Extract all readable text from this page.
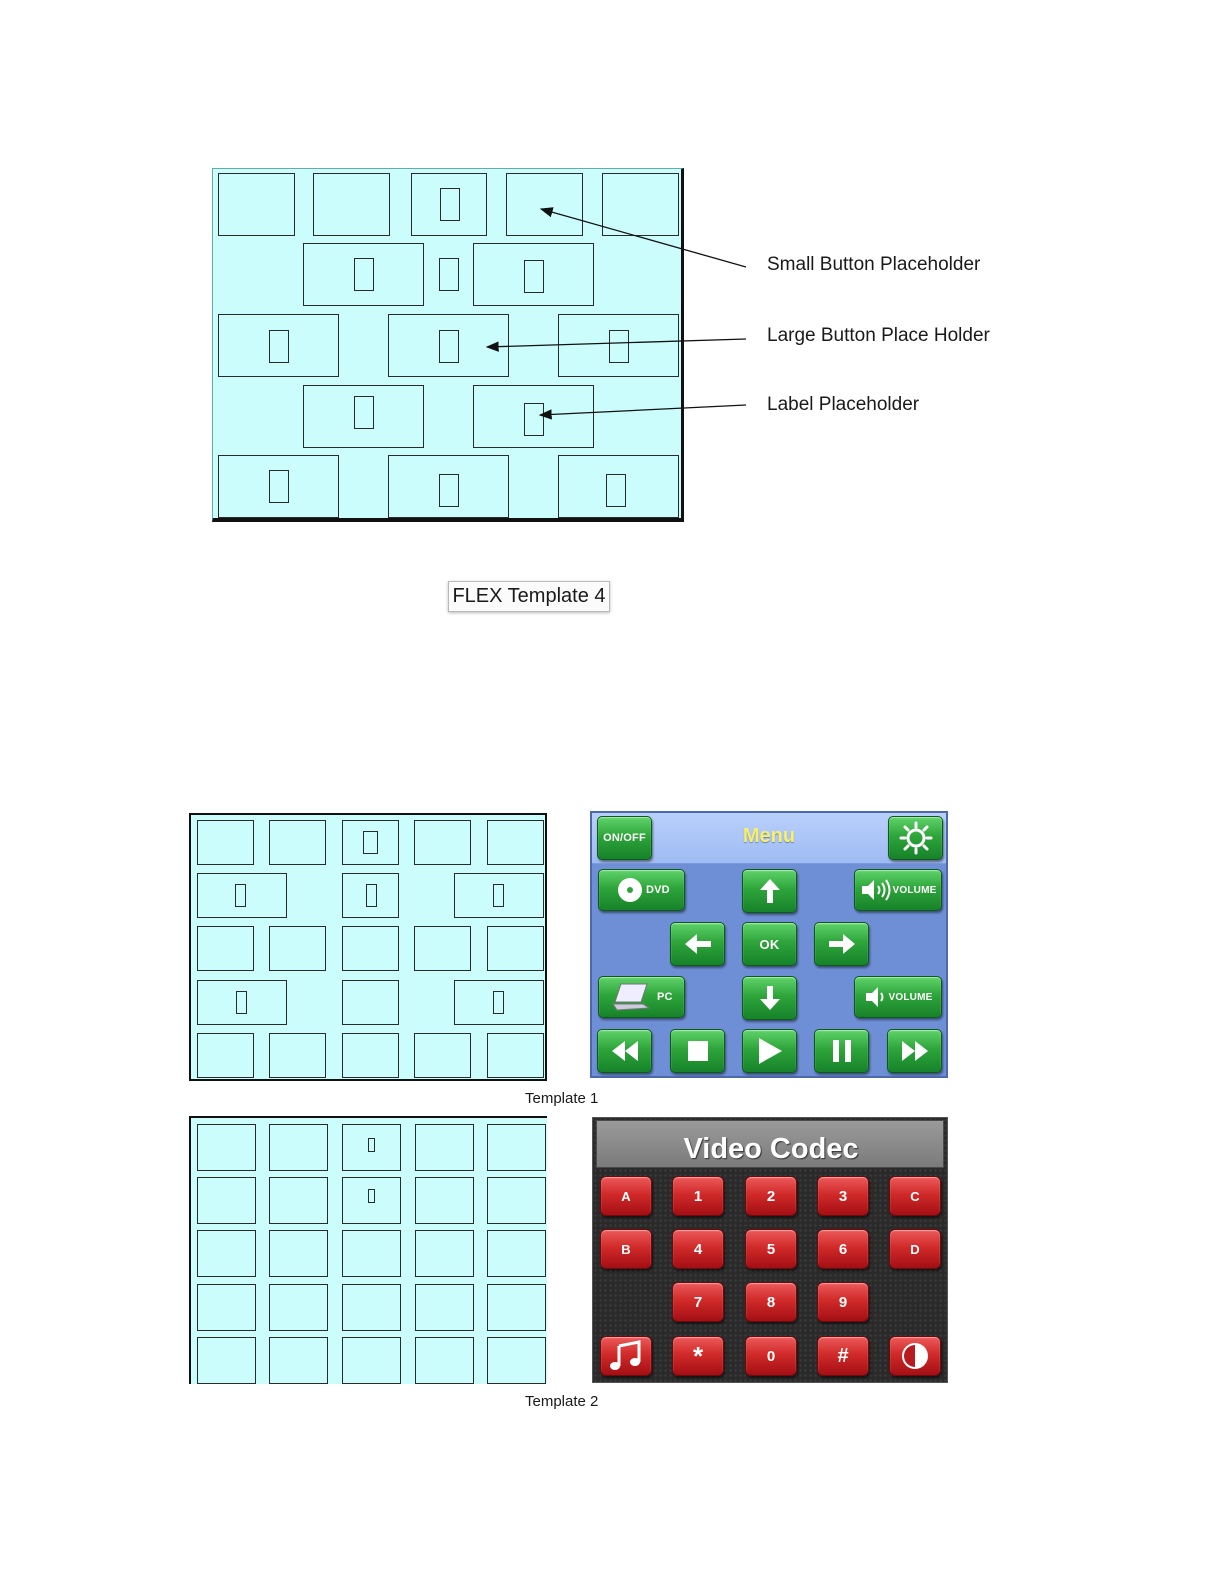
Small Button Placeholder
Large Button Place Holder
Label Placeholder
FLEX Template 4
Menu
ON/OFF
DVD	VOLUME
OK
PC	VOLUME
Template 1
Video Codec
A	1	2	3	C
B	4	5	6	D
7	8	9
*	0	#
Template 2
